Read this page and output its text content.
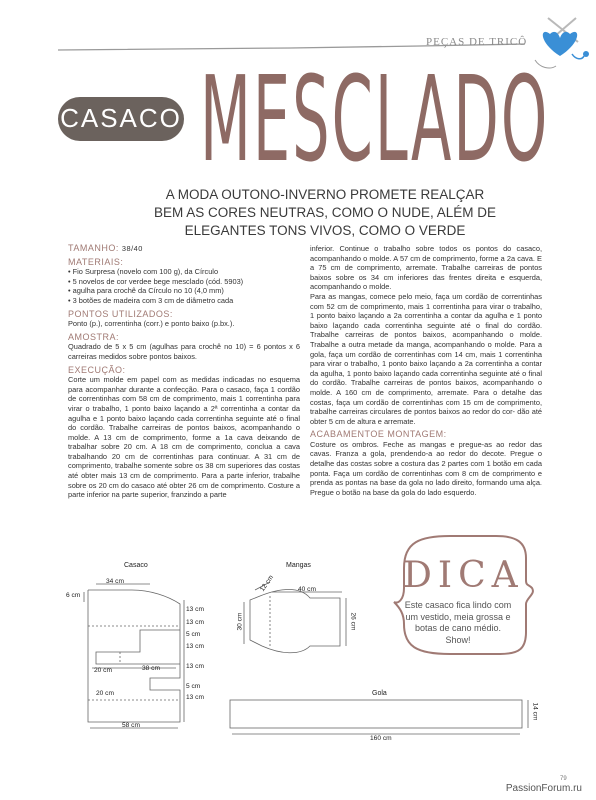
PEÇAS DE TRICÔ
CASACO MESCLADO
A MODA OUTONO-INVERNO PROMETE REALÇAR BEM AS CORES NEUTRAS, COMO O NUDE, ALÉM DE ELEGANTES TONS VIVOS, COMO O VERDE
TAMANHO: 38/40
MATERIAIS:

• Fio Surpresa (novelo com 100 g), da Círculo

• 5 novelos de cor verdee bege mesclado (cód. 5903)

• agulha para crochê da Círculo no 10 (4,0 mm)

• 3 botões de madeira com 3 cm de diâmetro cada

PONTOS UTILIZADOS:

Ponto (p.), correntinha (corr.) e ponto baixo (p.bx.).

AMOSTRA:

Quadrado de 5 x 5 cm (agulhas para crochê no 10) = 6 pontos x 6 carreiras medidos sobre pontos baixos.

EXECUÇÃO:

Corte um molde em papel com as medidas indicadas no esquema para acompanhar durante a confecção. Para o casaco, faça 1 cordão de correntinhas com 58 cm de comprimento, mais 1 correntinha para virar o trabalho, 1 ponto baixo laçando a 2ª correntinha a contar da agulha e 1 ponto baixo laçando cada correntinha seguinte até o final do cordão. Trabalhe carreiras de pontos baixos, acompanhando o molde. A 13 cm de comprimento, forme a 1a cava deixando de trabalhar sobre 20 cm. A 18 cm de comprimento, conclua a cava trabalhando 20 cm de correntinhas para continuar. A 31 cm de comprimento, trabalhe somente sobre os 38 cm superiores das costas até obter mais 13 cm de comprimento. Para a parte inferior, trabalhe sobre os 20 cm do casaco até obter 26 cm de comprimento. Costure a parte inferior na parte superior, franzindo a parte

inferior. Continue o trabalho sobre todos os pontos do casaco, acompanhando o molde. A 57 cm de comprimento, forme a 2a cava. E a 75 cm de comprimento, arremate. Trabalhe carreiras de pontos baixos sobre os 34 cm inferiores das frentes direita e esquerda, acompanhando o molde.

Para as mangas, comece pelo meio, faça um cordão de correntinhas com 52 cm de comprimento, mais 1 correntinha para virar o trabalho, 1 ponto baixo laçando a 2a correntinha a contar da agulha e 1 ponto baixo laçando cada correntinha seguinte até o final do cordão. Trabalhe carreiras de pontos baixos, acompanhando o molde. Trabalhe a outra metade da manga, acompanhando o molde. Para a gola, faça um cordão de correntinhas com 14 cm, mais 1 correntinha para virar o trabalho, 1 ponto baixo laçando a 2a correntinha a contar da agulha, 1 ponto baixo laçando cada correntinha seguinte até o final do cordão. Trabalhe carreiras de pontos baixos, acompanhando o molde. A 160 cm de comprimento, arremate. Para o detalhe das costas, faça um cordão de correntinhas com 15 cm de comprimento, trabalhe carreiras circulares de pontos baixos ao redor do cor- dão até obter 5 cm de altura e arremate.

ACABAMENTOE MONTAGEM:

Costure os ombros. Feche as mangas e pregue-as ao redor das cavas. Franza a gola, prendendo-a ao redor do decote. Pregue o detalhe das costas sobre a costura das 2 partes com 1 botão em cada ponta. Faça um cordão de correntinhas com 8 cm de comprimento e prenda as pontas na base da gola no lado direito, formando uma alça. Pregue o botão na base da gola do lado esquerdo.

DICA
Este casaco fica lindo com um vestido, meia grossa e botas de cano médio. Show!
Casaco	Mangas
Gola
34 cm
6 cm
13 cm
13 cm
5 cm
13 cm
13 cm
5 cm
13 cm
20 cm	38 cm
20 cm
58 cm
12 cm	40 cm
30 cm	26 cm
14 cm
160 cm
79
PassionForum.ru
